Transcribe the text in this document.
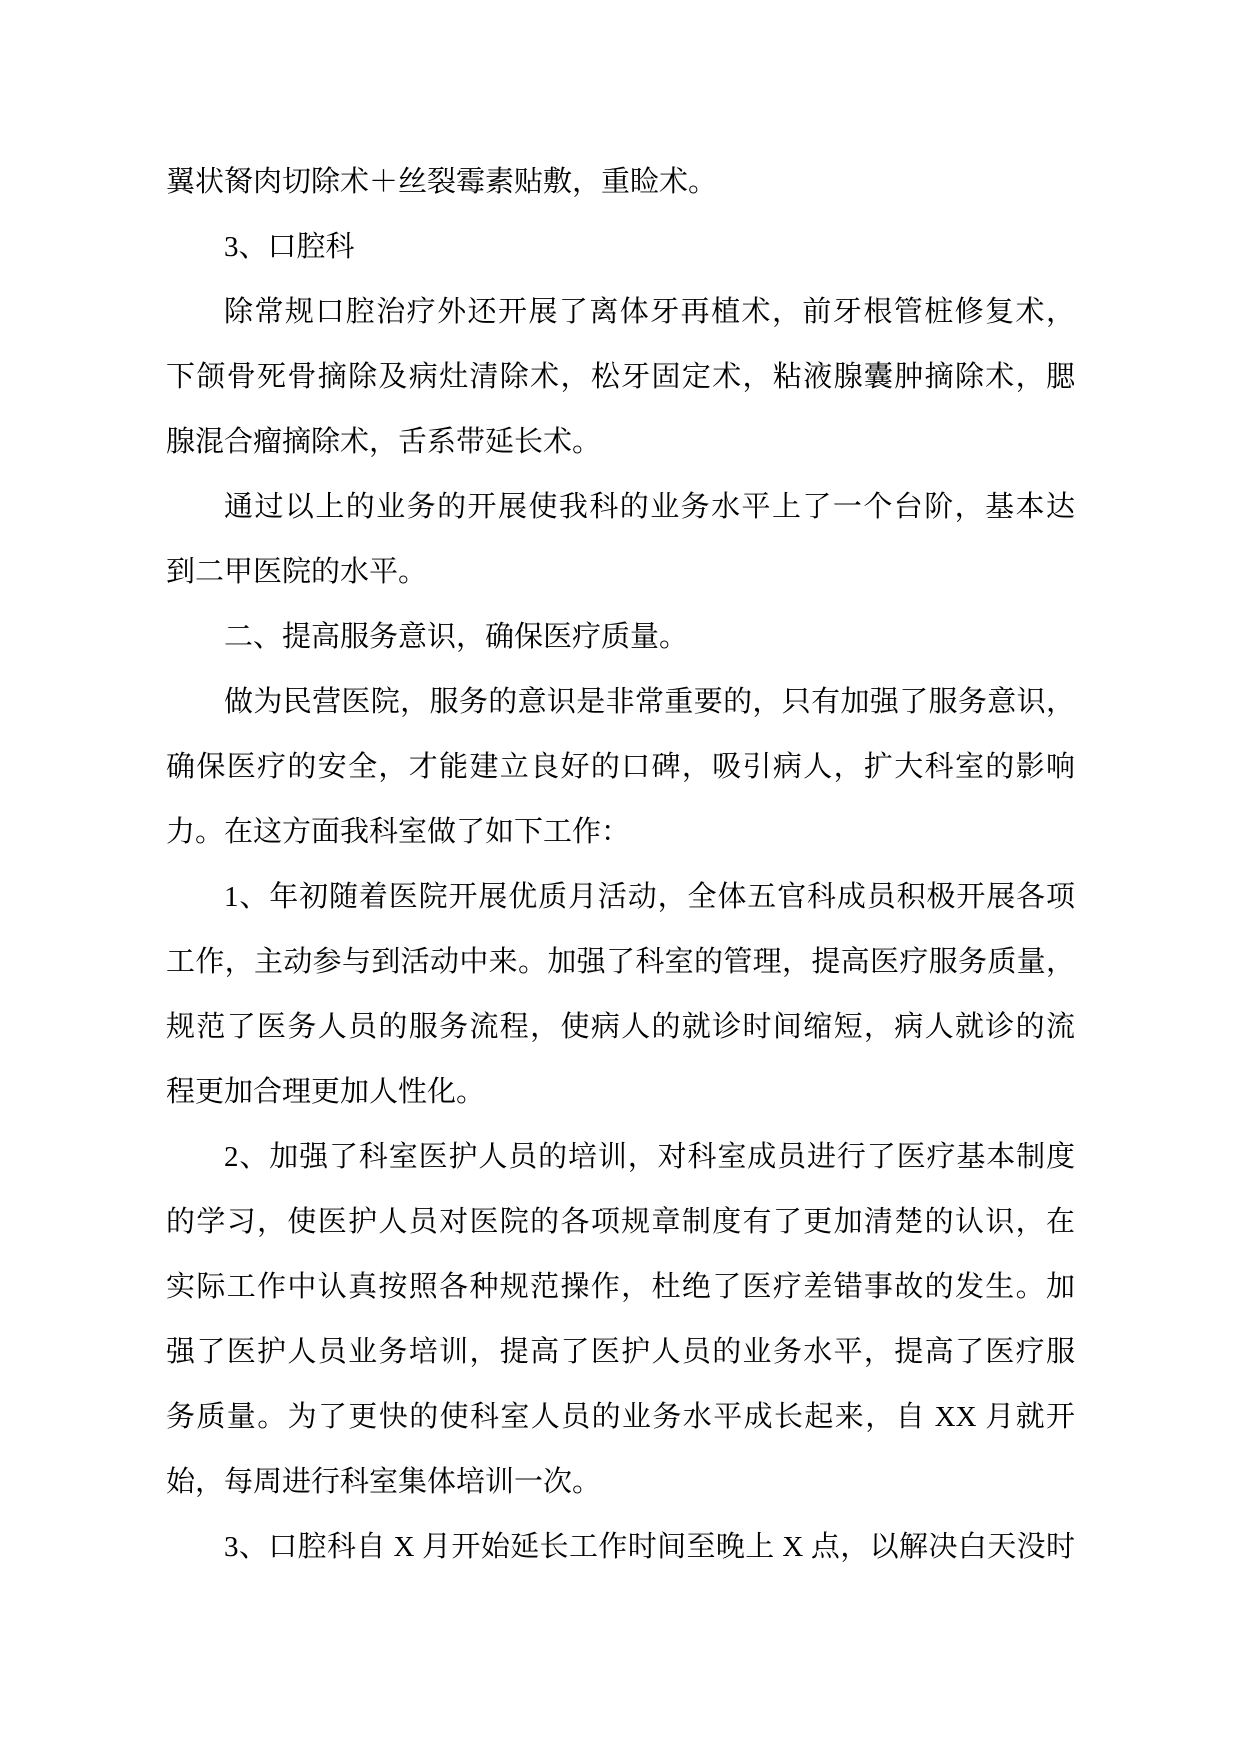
翼状胬肉切除术＋丝裂霉素贴敷，重睑术。
3、口腔科
除常规口腔治疗外还开展了离体牙再植术，前牙根管桩修复术，
下颌骨死骨摘除及病灶清除术，松牙固定术，粘液腺囊肿摘除术，腮
腺混合瘤摘除术，舌系带延长术。
通过以上的业务的开展使我科的业务水平上了一个台阶，基本达
到二甲医院的水平。
二、提高服务意识，确保医疗质量。
做为民营医院，服务的意识是非常重要的，只有加强了服务意识，
确保医疗的安全，才能建立良好的口碑，吸引病人，扩大科室的影响
力。在这方面我科室做了如下工作：
1、年初随着医院开展优质月活动，全体五官科成员积极开展各项
工作，主动参与到活动中来。加强了科室的管理，提高医疗服务质量，
规范了医务人员的服务流程，使病人的就诊时间缩短，病人就诊的流
程更加合理更加人性化。
2、加强了科室医护人员的培训，对科室成员进行了医疗基本制度
的学习，使医护人员对医院的各项规章制度有了更加清楚的认识，在
实际工作中认真按照各种规范操作，杜绝了医疗差错事故的发生。加
强了医护人员业务培训，提高了医护人员的业务水平，提高了医疗服
务质量。为了更快的使科室人员的业务水平成长起来，自 XX 月就开
始，每周进行科室集体培训一次。
3、口腔科自 X 月开始延长工作时间至晚上 X 点，以解决白天没时
